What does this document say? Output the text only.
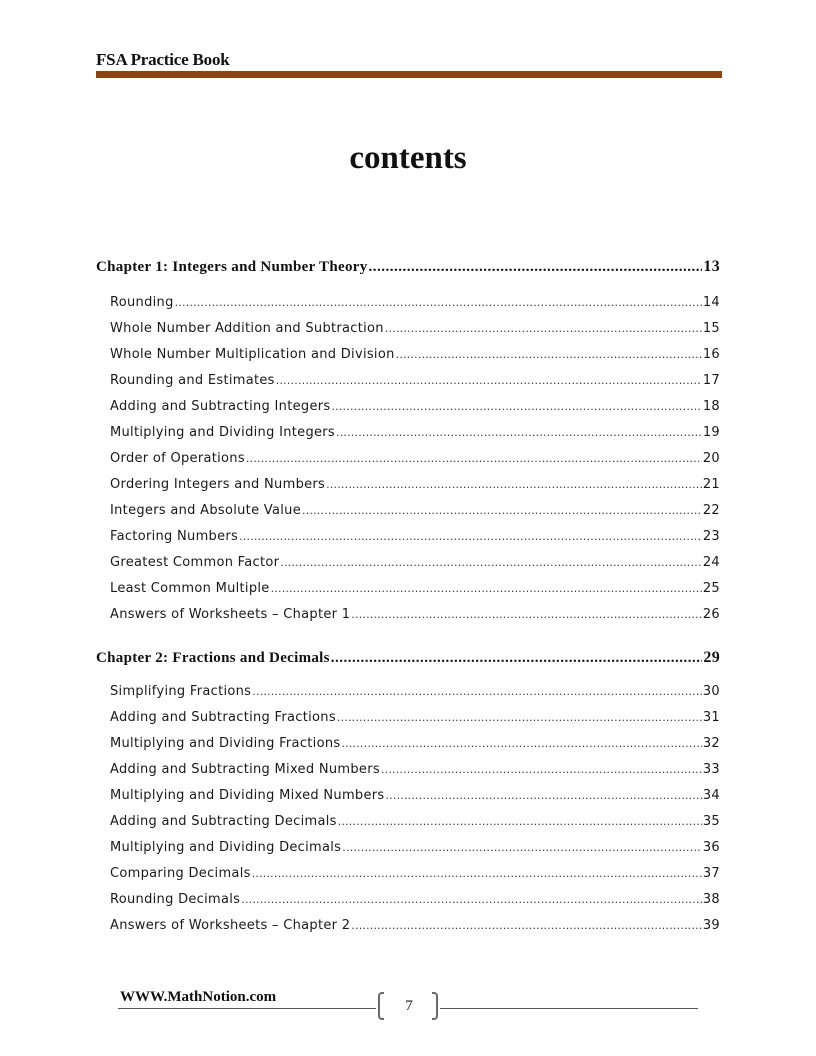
FSA Practice Book
contents
Chapter 1: Integers and Number Theory .....	13
Rounding .....	14
Whole Number Addition and Subtraction .....	15
Whole Number Multiplication and Division .....	16
Rounding and Estimates .....	17
Adding and Subtracting Integers .....	18
Multiplying and Dividing Integers .....	19
Order of Operations .....	20
Ordering Integers and Numbers .....	21
Integers and Absolute Value .....	22
Factoring Numbers .....	23
Greatest Common Factor .....	24
Least Common Multiple .....	25
Answers of Worksheets – Chapter 1 .....	26
Chapter 2: Fractions and Decimals .....	29
Simplifying Fractions .....	30
Adding and Subtracting Fractions .....	31
Multiplying and Dividing Fractions .....	32
Adding and Subtracting Mixed Numbers .....	33
Multiplying and Dividing Mixed Numbers .....	34
Adding and Subtracting Decimals .....	35
Multiplying and Dividing Decimals .....	36
Comparing Decimals .....	37
Rounding Decimals .....	38
Answers of Worksheets – Chapter 2 .....	39
WWW.MathNotion.com
7
